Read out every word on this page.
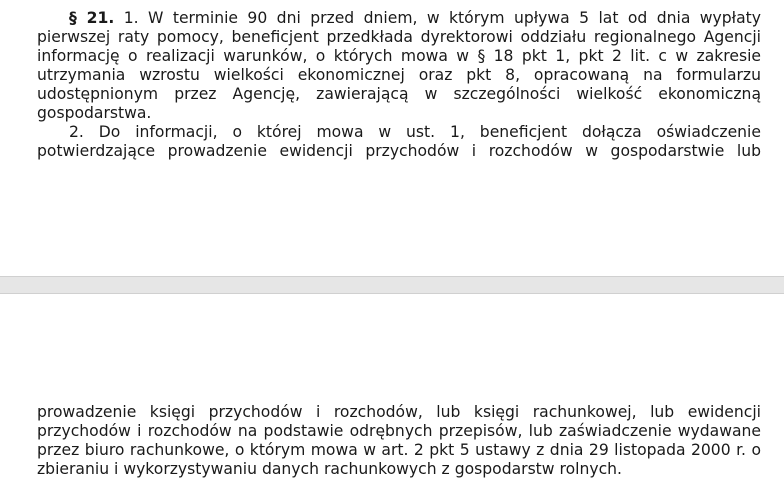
§ 21. 1. W terminie 90 dni przed dniem, w którym upływa 5 lat od dnia wypłaty pierwszej raty pomocy, beneficjent przedkłada dyrektorowi oddziału regionalnego Agencji informację o realizacji warunków, o których mowa w § 18 pkt 1, pkt 2 lit. c w zakresie utrzymania wzrostu wielkości ekonomicznej oraz pkt 8, opracowaną na formularzu udostępnionym przez Agencję, zawierającą w szczególności wielkość ekonomiczną gospodarstwa.

2. Do informacji, o której mowa w ust. 1, beneficjent dołącza oświadczenie potwierdzające prowadzenie ewidencji przychodów i rozchodów w gospodarstwie lub

prowadzenie księgi przychodów i rozchodów, lub księgi rachunkowej, lub ewidencji przychodów i rozchodów na podstawie odrębnych przepisów, lub zaświadczenie wydawane przez biuro rachunkowe, o którym mowa w art. 2 pkt 5 ustawy z dnia 29 listopada 2000 r. o zbieraniu i wykorzystywaniu danych rachunkowych z gospodarstw rolnych.
